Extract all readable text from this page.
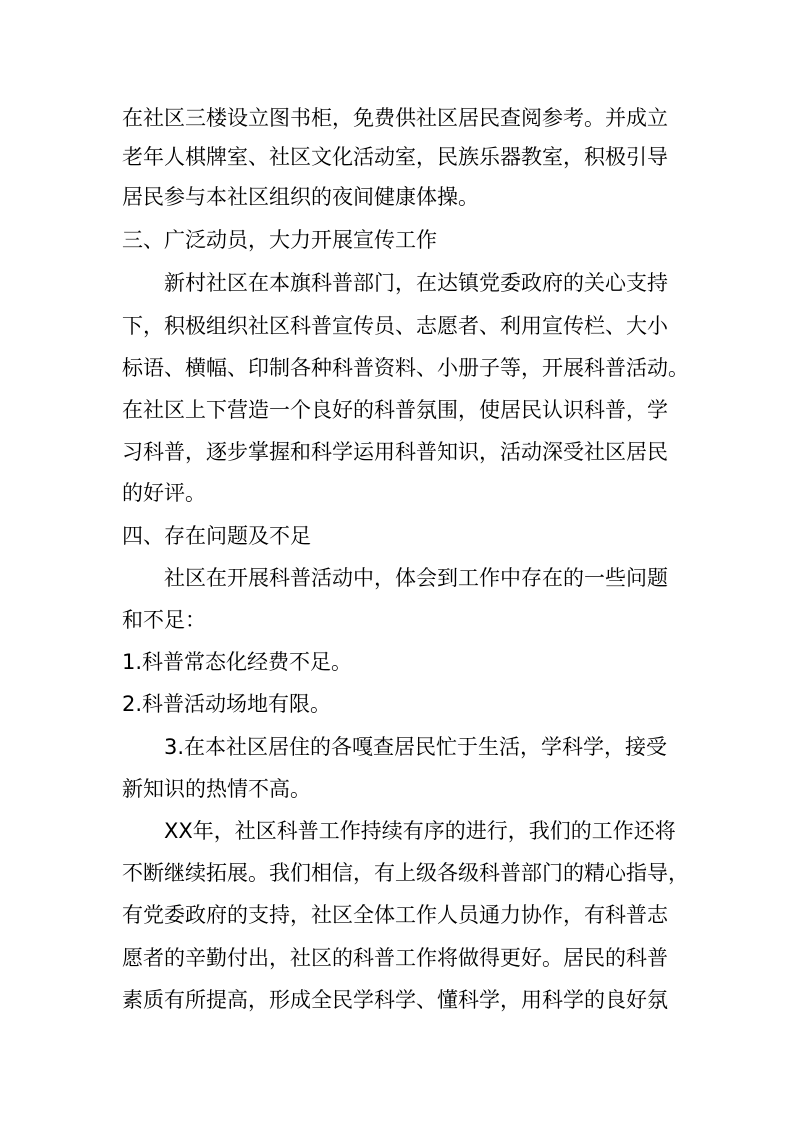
在社区三楼设立图书柜，免费供社区居民查阅参考。并成立
老年人棋牌室、社区文化活动室，民族乐器教室，积极引导
居民参与本社区组织的夜间健康体操。
三、广泛动员，大力开展宣传工作
新村社区在本旗科普部门，在达镇党委政府的关心支持
下，积极组织社区科普宣传员、志愿者、利用宣传栏、大小
标语、横幅、印制各种科普资料、小册子等，开展科普活动。
在社区上下营造一个良好的科普氛围，使居民认识科普，学
习科普，逐步掌握和科学运用科普知识，活动深受社区居民
的好评。
四、存在问题及不足
社区在开展科普活动中，体会到工作中存在的一些问题
和不足：
1.科普常态化经费不足。
2.科普活动场地有限。
3.在本社区居住的各嘎查居民忙于生活，学科学，接受
新知识的热情不高。
XX年，社区科普工作持续有序的进行，我们的工作还将
不断继续拓展。我们相信，有上级各级科普部门的精心指导，
有党委政府的支持，社区全体工作人员通力协作，有科普志
愿者的辛勤付出，社区的科普工作将做得更好。居民的科普
素质有所提高，形成全民学科学、懂科学，用科学的良好氛
